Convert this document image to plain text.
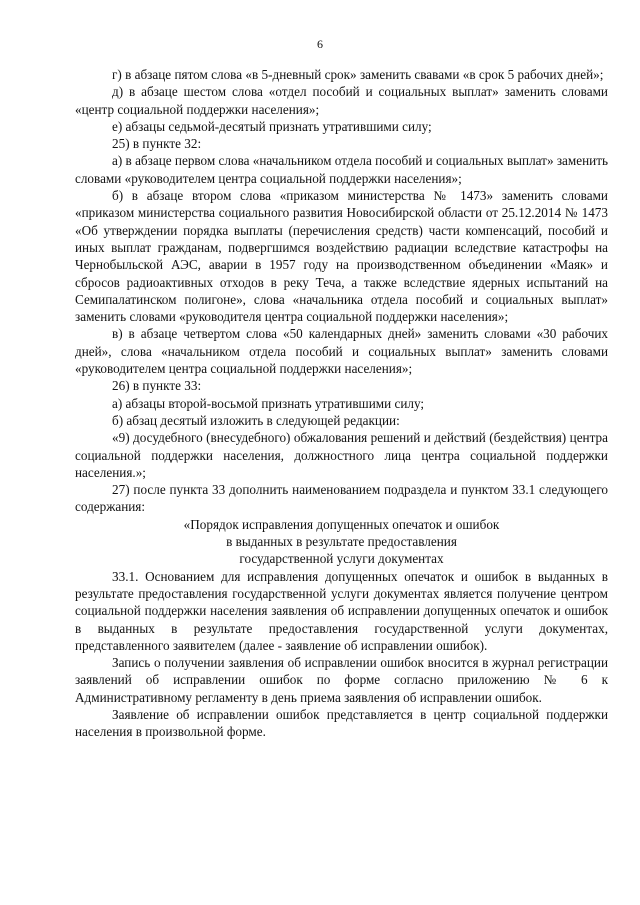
6

г) в абзаце пятом слова «в 5-дневный срок» заменить свавами «в срок 5 рабочих дней»;

д) в абзаце шестом слова «отдел пособий и социальных выплат» заменить словами «центр социальной поддержки населения»;

е) абзацы седьмой-десятый признать утратившими силу;

25) в пункте 32:

а) в абзаце первом слова «начальником отдела пособий и социальных выплат» заменить словами «руководителем центра социальной поддержки населения»;

б) в абзаце втором слова «приказом министерства № 1473» заменить словами «приказом министерства социального развития Новосибирской области от 25.12.2014 № 1473 «Об утверждении порядка выплаты (перечисления средств) части компенсаций, пособий и иных выплат гражданам, подвергшимся воздействию радиации вследствие катастрофы на Чернобыльской АЭС, аварии в 1957 году на производственном объединении «Маяк» и сбросов радиоактивных отходов в реку Теча, а также вследствие ядерных испытаний на Семипалатинском полигоне», слова «начальника отдела пособий и социальных выплат» заменить словами «руководителя центра социальной поддержки населения»;

в) в абзаце четвертом слова «50 календарных дней» заменить словами «30 рабочих дней», слова «начальником отдела пособий и социальных выплат» заменить словами «руководителем центра социальной поддержки населения»;

26) в пункте 33:

а) абзацы второй-восьмой признать утратившими силу;

б) абзац десятый изложить в следующей редакции:

«9) досудебного (внесудебного) обжалования решений и действий (бездействия) центра социальной поддержки населения, должностного лица центра социальной поддержки населения.»;

27) после пункта 33 дополнить наименованием подраздела и пунктом 33.1 следующего содержания:

«Порядок исправления допущенных опечаток и ошибок

в выданных в результате предоставления

государственной услуги документах

33.1. Основанием для исправления допущенных опечаток и ошибок в выданных в результате предоставления государственной услуги документах является получение центром социальной поддержки населения заявления об исправлении допущенных опечаток и ошибок в выданных в результате предоставления государственной услуги документах, представленного заявителем (далее - заявление об исправлении ошибок).

Запись о получении заявления об исправлении ошибок вносится в журнал регистрации заявлений об исправлении ошибок по форме согласно приложению № 6 к Административному регламенту в день приема заявления об исправлении ошибок.

Заявление об исправлении ошибок представляется в центр социальной поддержки населения в произвольной форме.
